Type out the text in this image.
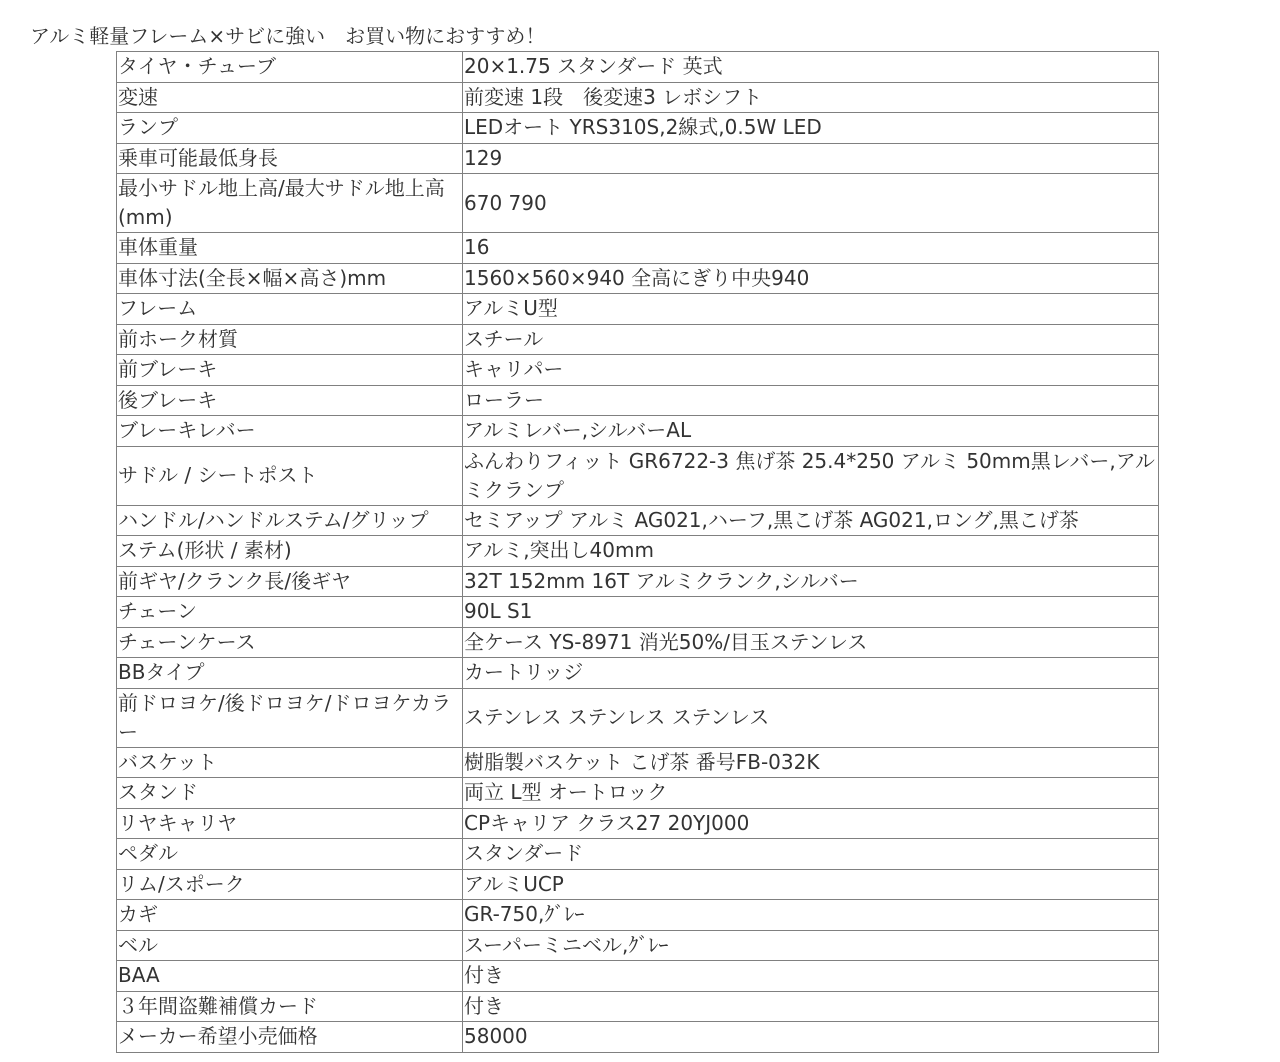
アルミ軽量フレーム×サビに強い　お買い物におすすめ！
タイヤ・チューブ	20×1.75 スタンダード 英式
変速	前変速 1段　後変速3 レボシフト
ランプ	LEDオート YRS310S,2線式,0.5W LED
乗車可能最低身長	129
最小サドル地上高/最大サドル地上高(mm)	670 790
車体重量	16
車体寸法(全長×幅×高さ)mm	1560×560×940 全高にぎり中央940
フレーム	アルミU型
前ホーク材質	スチール
前ブレーキ	キャリパー
後ブレーキ	ローラー
ブレーキレバー	アルミレバー,シルバーAL
サドル / シートポスト	ふんわりフィット GR6722-3 焦げ茶 25.4*250 アルミ 50mm黒レバー,アルミクランプ
ハンドル/ハンドルステム/グリップ	セミアップ アルミ AG021,ハーフ,黒こげ茶 AG021,ロング,黒こげ茶
ステム(形状 / 素材)	アルミ,突出し40mm
前ギヤ/クランク長/後ギヤ	32T 152mm 16T アルミクランク,シルバー
チェーン	90L S1
チェーンケース	全ケース YS-8971 消光50%/目玉ステンレス
BBタイプ	カートリッジ
前ドロヨケ/後ドロヨケ/ドロヨケカラー	ステンレス ステンレス ステンレス
バスケット	樹脂製バスケット こげ茶 番号FB-032K
スタンド	両立 L型 オートロック
リヤキャリヤ	CPキャリア クラス27 20YJ000
ペダル	スタンダード
リム/スポーク	アルミUCP
カギ	GR-750,ｸﾞﾚｰ
ベル	スーパーミニベル,ｸﾞﾚｰ
BAA	付き
３年間盗難補償カード	付き
メーカー希望小売価格	58000
